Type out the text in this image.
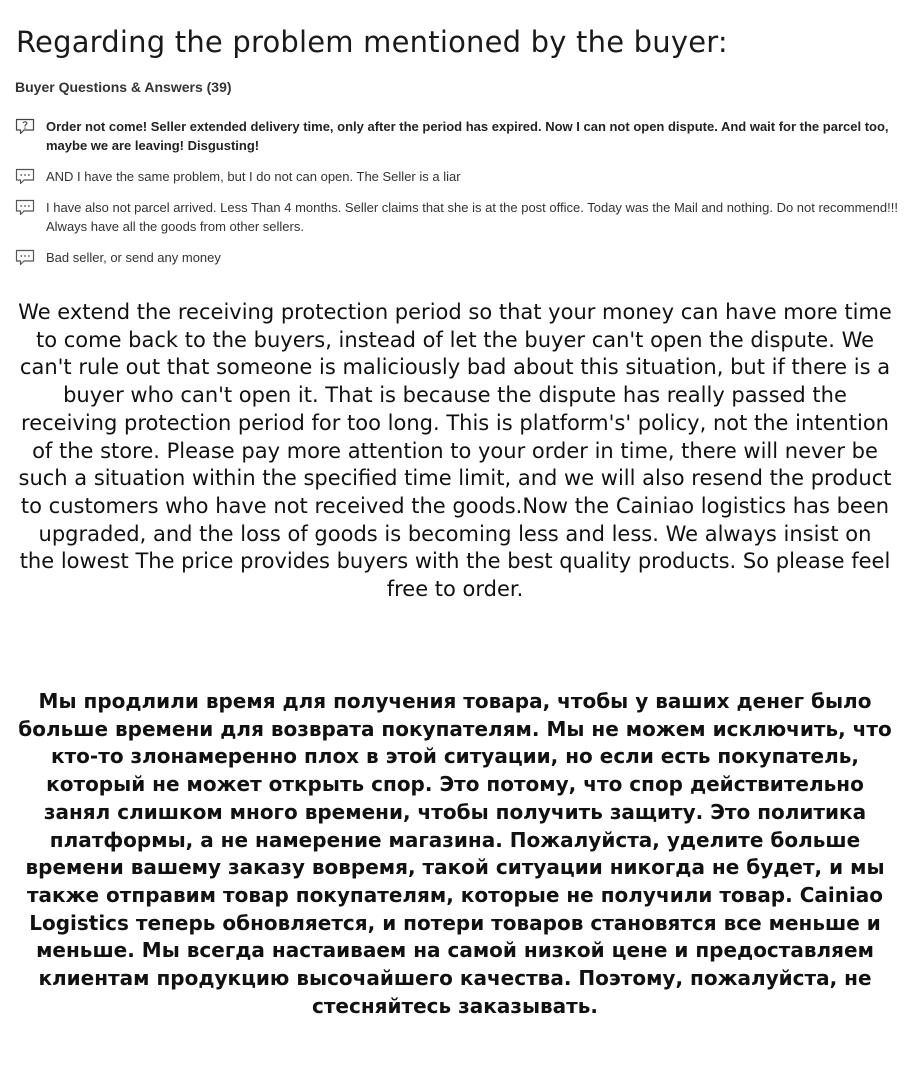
Regarding the problem mentioned by the buyer:
Buyer Questions & Answers (39)
Order not come! Seller extended delivery time, only after the period has expired. Now I can not open dispute. And wait for the parcel too, maybe we are leaving! Disgusting!
AND I have the same problem, but I do not can open. The Seller is a liar
I have also not parcel arrived. Less Than 4 months. Seller claims that she is at the post office. Today was the Mail and nothing. Do not recommend!!! Always have all the goods from other sellers.
Bad seller, or send any money

We extend the receiving protection period so that your money can have more time to come back to the buyers, instead of let the buyer can't open the dispute. We can't rule out that someone is maliciously bad about this situation, but if there is a buyer who can't open it. That is because the dispute has really passed the receiving protection period for too long. This is platform's' policy, not the intention of the store. Please pay more attention to your order in time, there will never be such a situation within the specified time limit, and we will also resend the product to customers who have not received the goods.Now the Cainiao logistics has been upgraded, and the loss of goods is becoming less and less. We always insist on the lowest The price provides buyers with the best quality products. So please feel free to order.

Мы продлили время для получения товара, чтобы у ваших денег было больше времени для возврата покупателям. Мы не можем исключить, что кто-то злонамеренно плох в этой ситуации, но если есть покупатель, который не может открыть спор. Это потому, что спор действительно занял слишком много времени, чтобы получить защиту. Это политика платформы, а не намерение магазина. Пожалуйста, уделите больше времени вашему заказу вовремя, такой ситуации никогда не будет, и мы также отправим товар покупателям, которые не получили товар. Cainiao Logistics теперь обновляется, и потери товаров становятся все меньше и меньше. Мы всегда настаиваем на самой низкой цене и предоставляем клиентам продукцию высочайшего качества. Поэтому, пожалуйста, не стесняйтесь заказывать.
